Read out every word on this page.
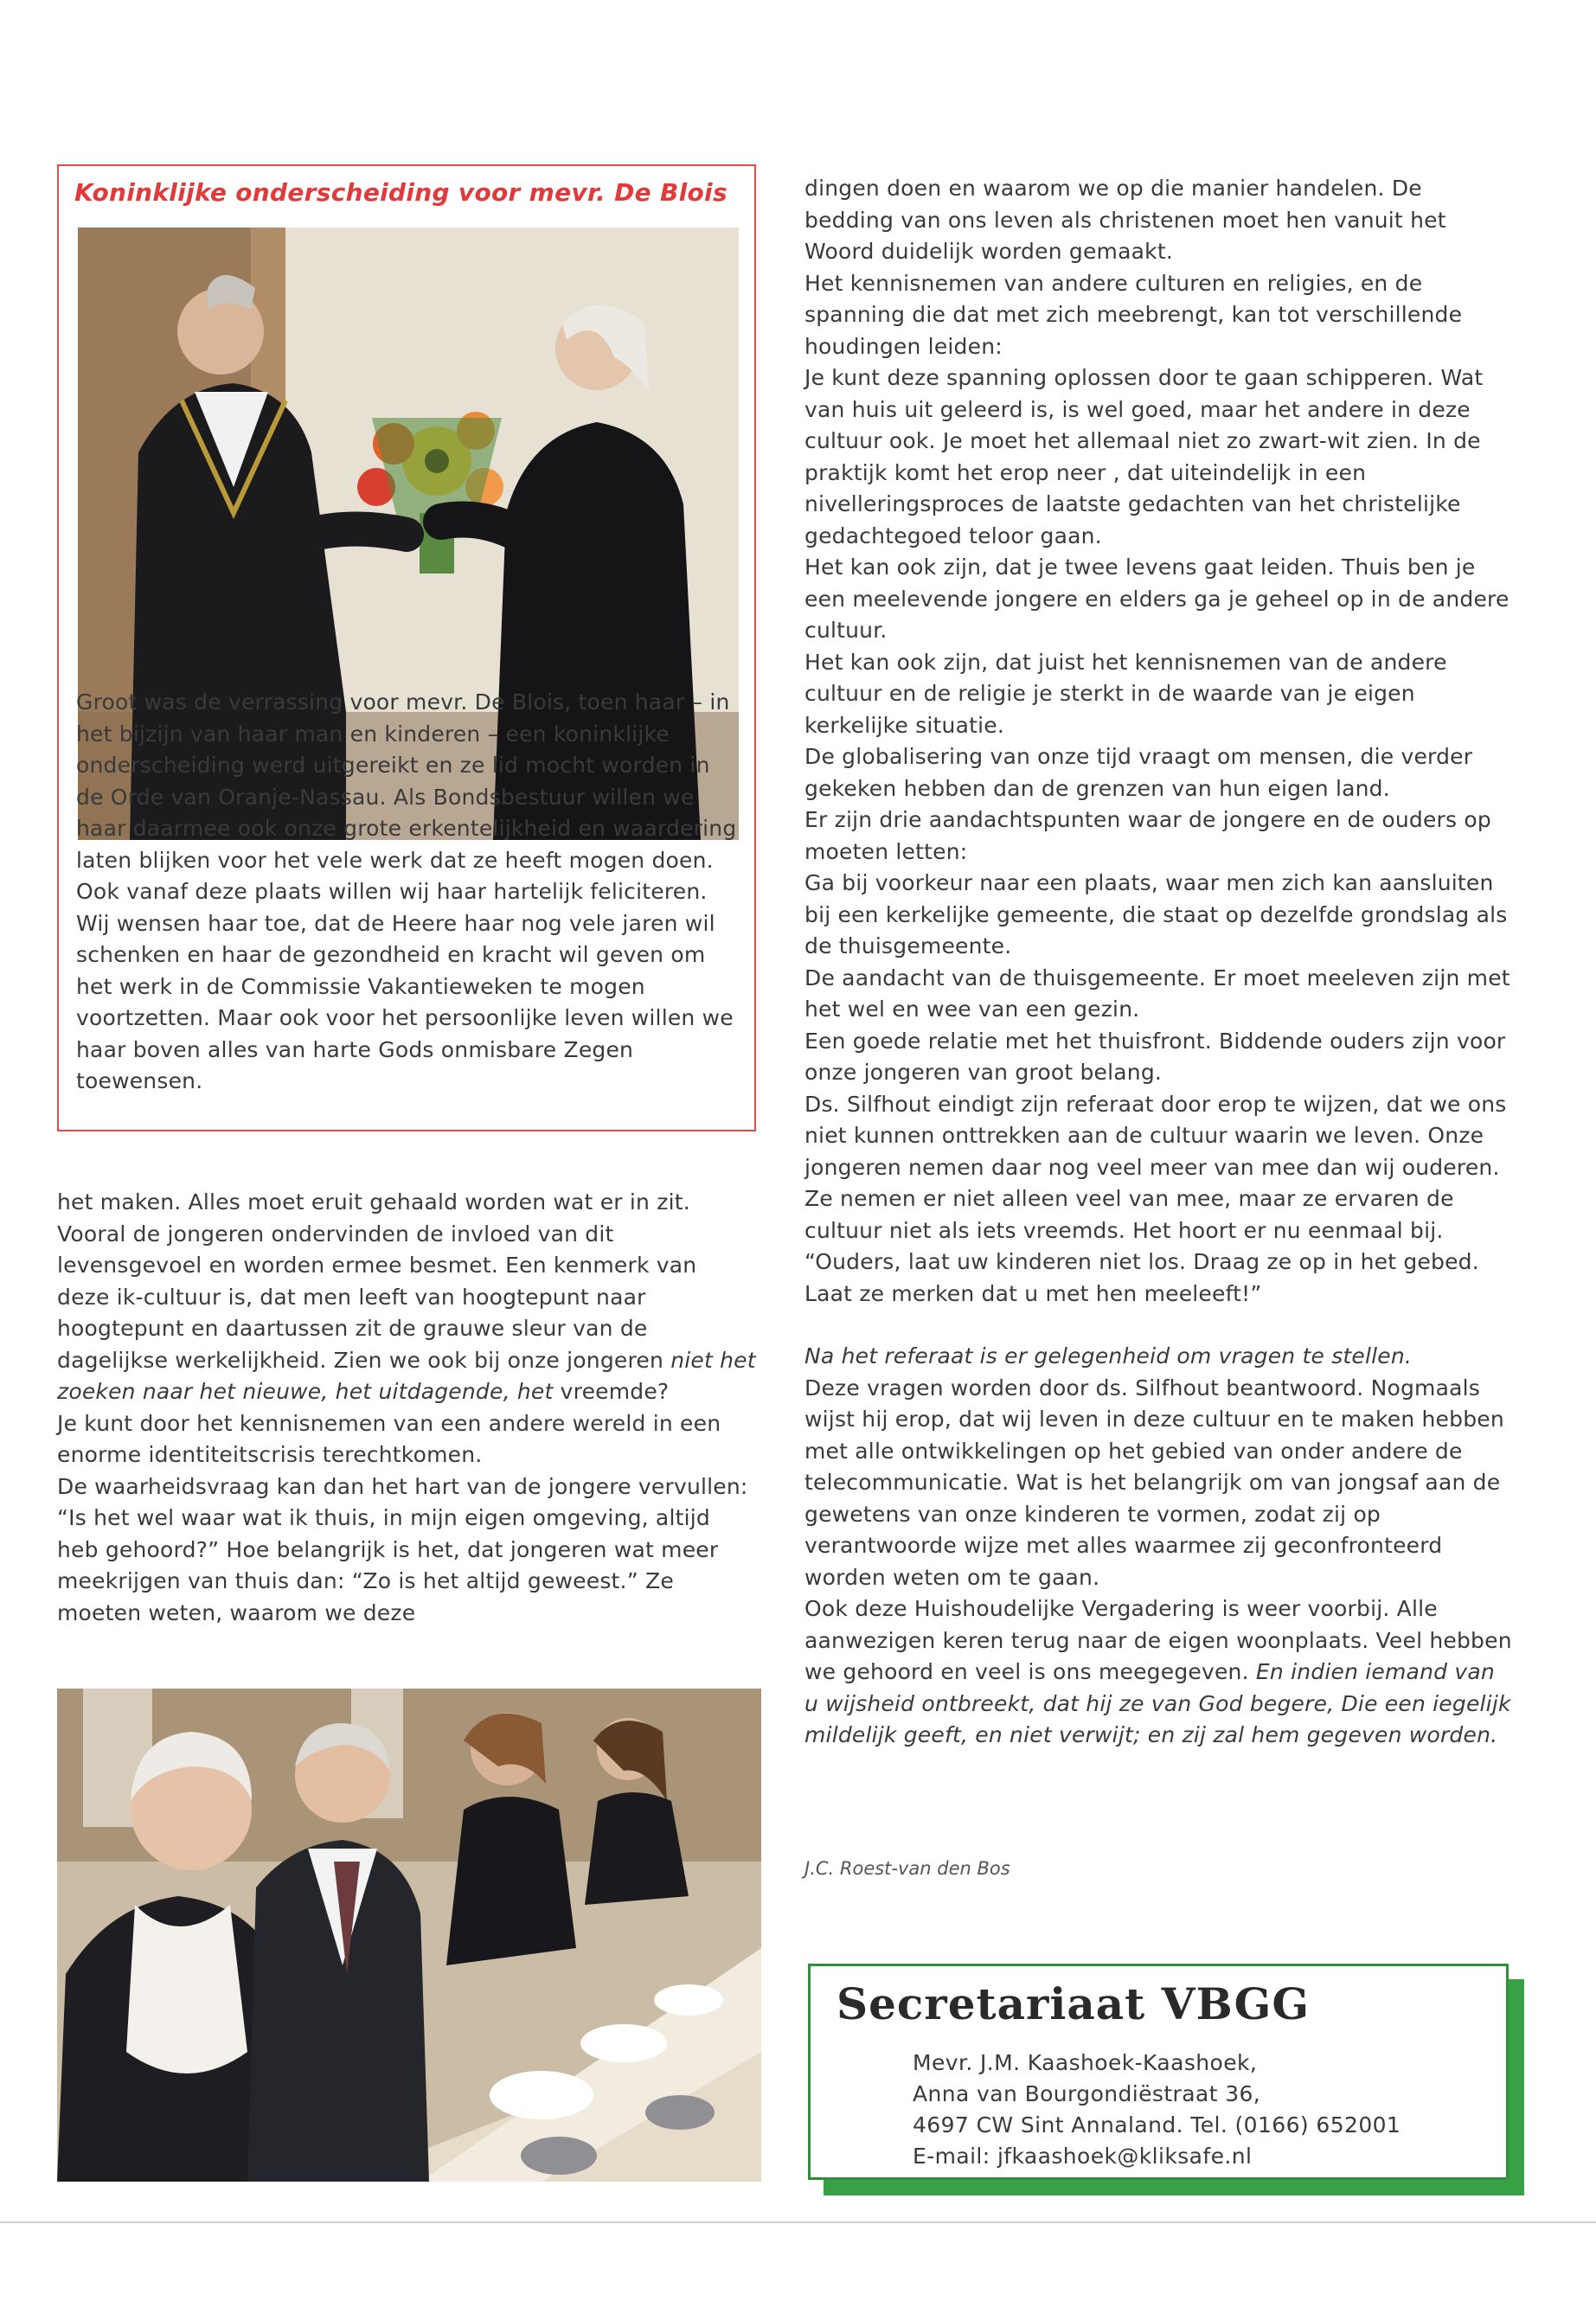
Koninklijke onderscheiding voor mevr. De Blois

Groot was de verrassing voor mevr. De Blois, toen haar – in het bijzijn van haar man en kinderen – een koninklijke onderscheiding werd uitgereikt en ze lid mocht worden in de Orde van Oranje-Nassau. Als Bondsbestuur willen we haar daarmee ook onze grote erkentelijkheid en waardering laten blijken voor het vele werk dat ze heeft mogen doen.

Ook vanaf deze plaats willen wij haar hartelijk feliciteren. Wij wensen haar toe, dat de Heere haar nog vele jaren wil schenken en haar de gezondheid en kracht wil geven om het werk in de Commissie Vakantieweken te mogen voortzetten. Maar ook voor het persoonlijke leven willen we haar boven alles van harte Gods onmisbare Zegen toewensen.

het maken. Alles moet eruit gehaald worden wat er in zit. Vooral de jongeren ondervinden de invloed van dit levensgevoel en worden ermee besmet. Een kenmerk van deze ik-cultuur is, dat men leeft van hoogtepunt naar hoogtepunt en daartussen zit de grauwe sleur van de dagelijkse werkelijkheid. Zien we ook bij onze jongeren niet het zoeken naar het nieuwe, het uitdagende, het vreemde?

Je kunt door het kennisnemen van een andere wereld in een enorme identiteitscrisis terechtkomen.

De waarheidsvraag kan dan het hart van de jongere vervullen: “Is het wel waar wat ik thuis, in mijn eigen omgeving, altijd heb gehoord?” Hoe belangrijk is het, dat jongeren wat meer meekrijgen van thuis dan: “Zo is het altijd geweest.” Ze moeten weten, waarom we deze

dingen doen en waarom we op die manier handelen. De bedding van ons leven als christenen moet hen vanuit het Woord duidelijk worden gemaakt.

Het kennisnemen van andere culturen en religies, en de spanning die dat met zich meebrengt, kan tot verschillende houdingen leiden:

Je kunt deze spanning oplossen door te gaan schipperen. Wat van huis uit geleerd is, is wel goed, maar het andere in deze cultuur ook. Je moet het allemaal niet zo zwart-wit zien. In de praktijk komt het erop neer , dat uiteindelijk in een nivelleringsproces de laatste gedachten van het christelijke gedachtegoed teloor gaan.

Het kan ook zijn, dat je twee levens gaat leiden. Thuis ben je een meelevende jongere en elders ga je geheel op in de andere cultuur.

Het kan ook zijn, dat juist het kennisnemen van de andere cultuur en de religie je sterkt in de waarde van je eigen kerkelijke situatie.

De globalisering van onze tijd vraagt om mensen, die verder gekeken hebben dan de grenzen van hun eigen land.

Er zijn drie aandachtspunten waar de jongere en de ouders op moeten letten:

Ga bij voorkeur naar een plaats, waar men zich kan aansluiten bij een kerkelijke gemeente, die staat op dezelfde grondslag als de thuisgemeente.

De aandacht van de thuisgemeente. Er moet meeleven zijn met het wel en wee van een gezin.

Een goede relatie met het thuisfront. Biddende ouders zijn voor onze jongeren van groot belang.

Ds. Silfhout eindigt zijn referaat door erop te wijzen, dat we ons niet kunnen onttrekken aan de cultuur waarin we leven. Onze jongeren nemen daar nog veel meer van mee dan wij ouderen. Ze nemen er niet alleen veel van mee, maar ze ervaren de cultuur niet als iets vreemds. Het hoort er nu eenmaal bij. “Ouders, laat uw kinderen niet los. Draag ze op in het gebed. Laat ze merken dat u met hen meeleeft!”

Na het referaat is er gelegenheid om vragen te stellen.

Deze vragen worden door ds. Silfhout beantwoord. Nogmaals wijst hij erop, dat wij leven in deze cultuur en te maken hebben met alle ontwikkelingen op het gebied van onder andere de telecommunicatie. Wat is het belangrijk om van jongsaf aan de gewetens van onze kinderen te vormen, zodat zij op verantwoorde wijze met alles waarmee zij geconfronteerd worden weten om te gaan.

Ook deze Huishoudelijke Vergadering is weer voorbij. Alle aanwezigen keren terug naar de eigen woonplaats. Veel hebben we gehoord en veel is ons meegegeven. En indien iemand van u wijsheid ontbreekt, dat hij ze van God begere, Die een iegelijk mildelijk geeft, en niet verwijt; en zij zal hem gegeven worden.

J.C. Roest-van den Bos
Secretariaat VBGG
Mevr. J.M. Kaashoek-Kaashoek,
Anna van Bourgondiëstraat 36,
4697 CW Sint Annaland. Tel. (0166) 652001
E-mail: jfkaashoek@kliksafe.nl
